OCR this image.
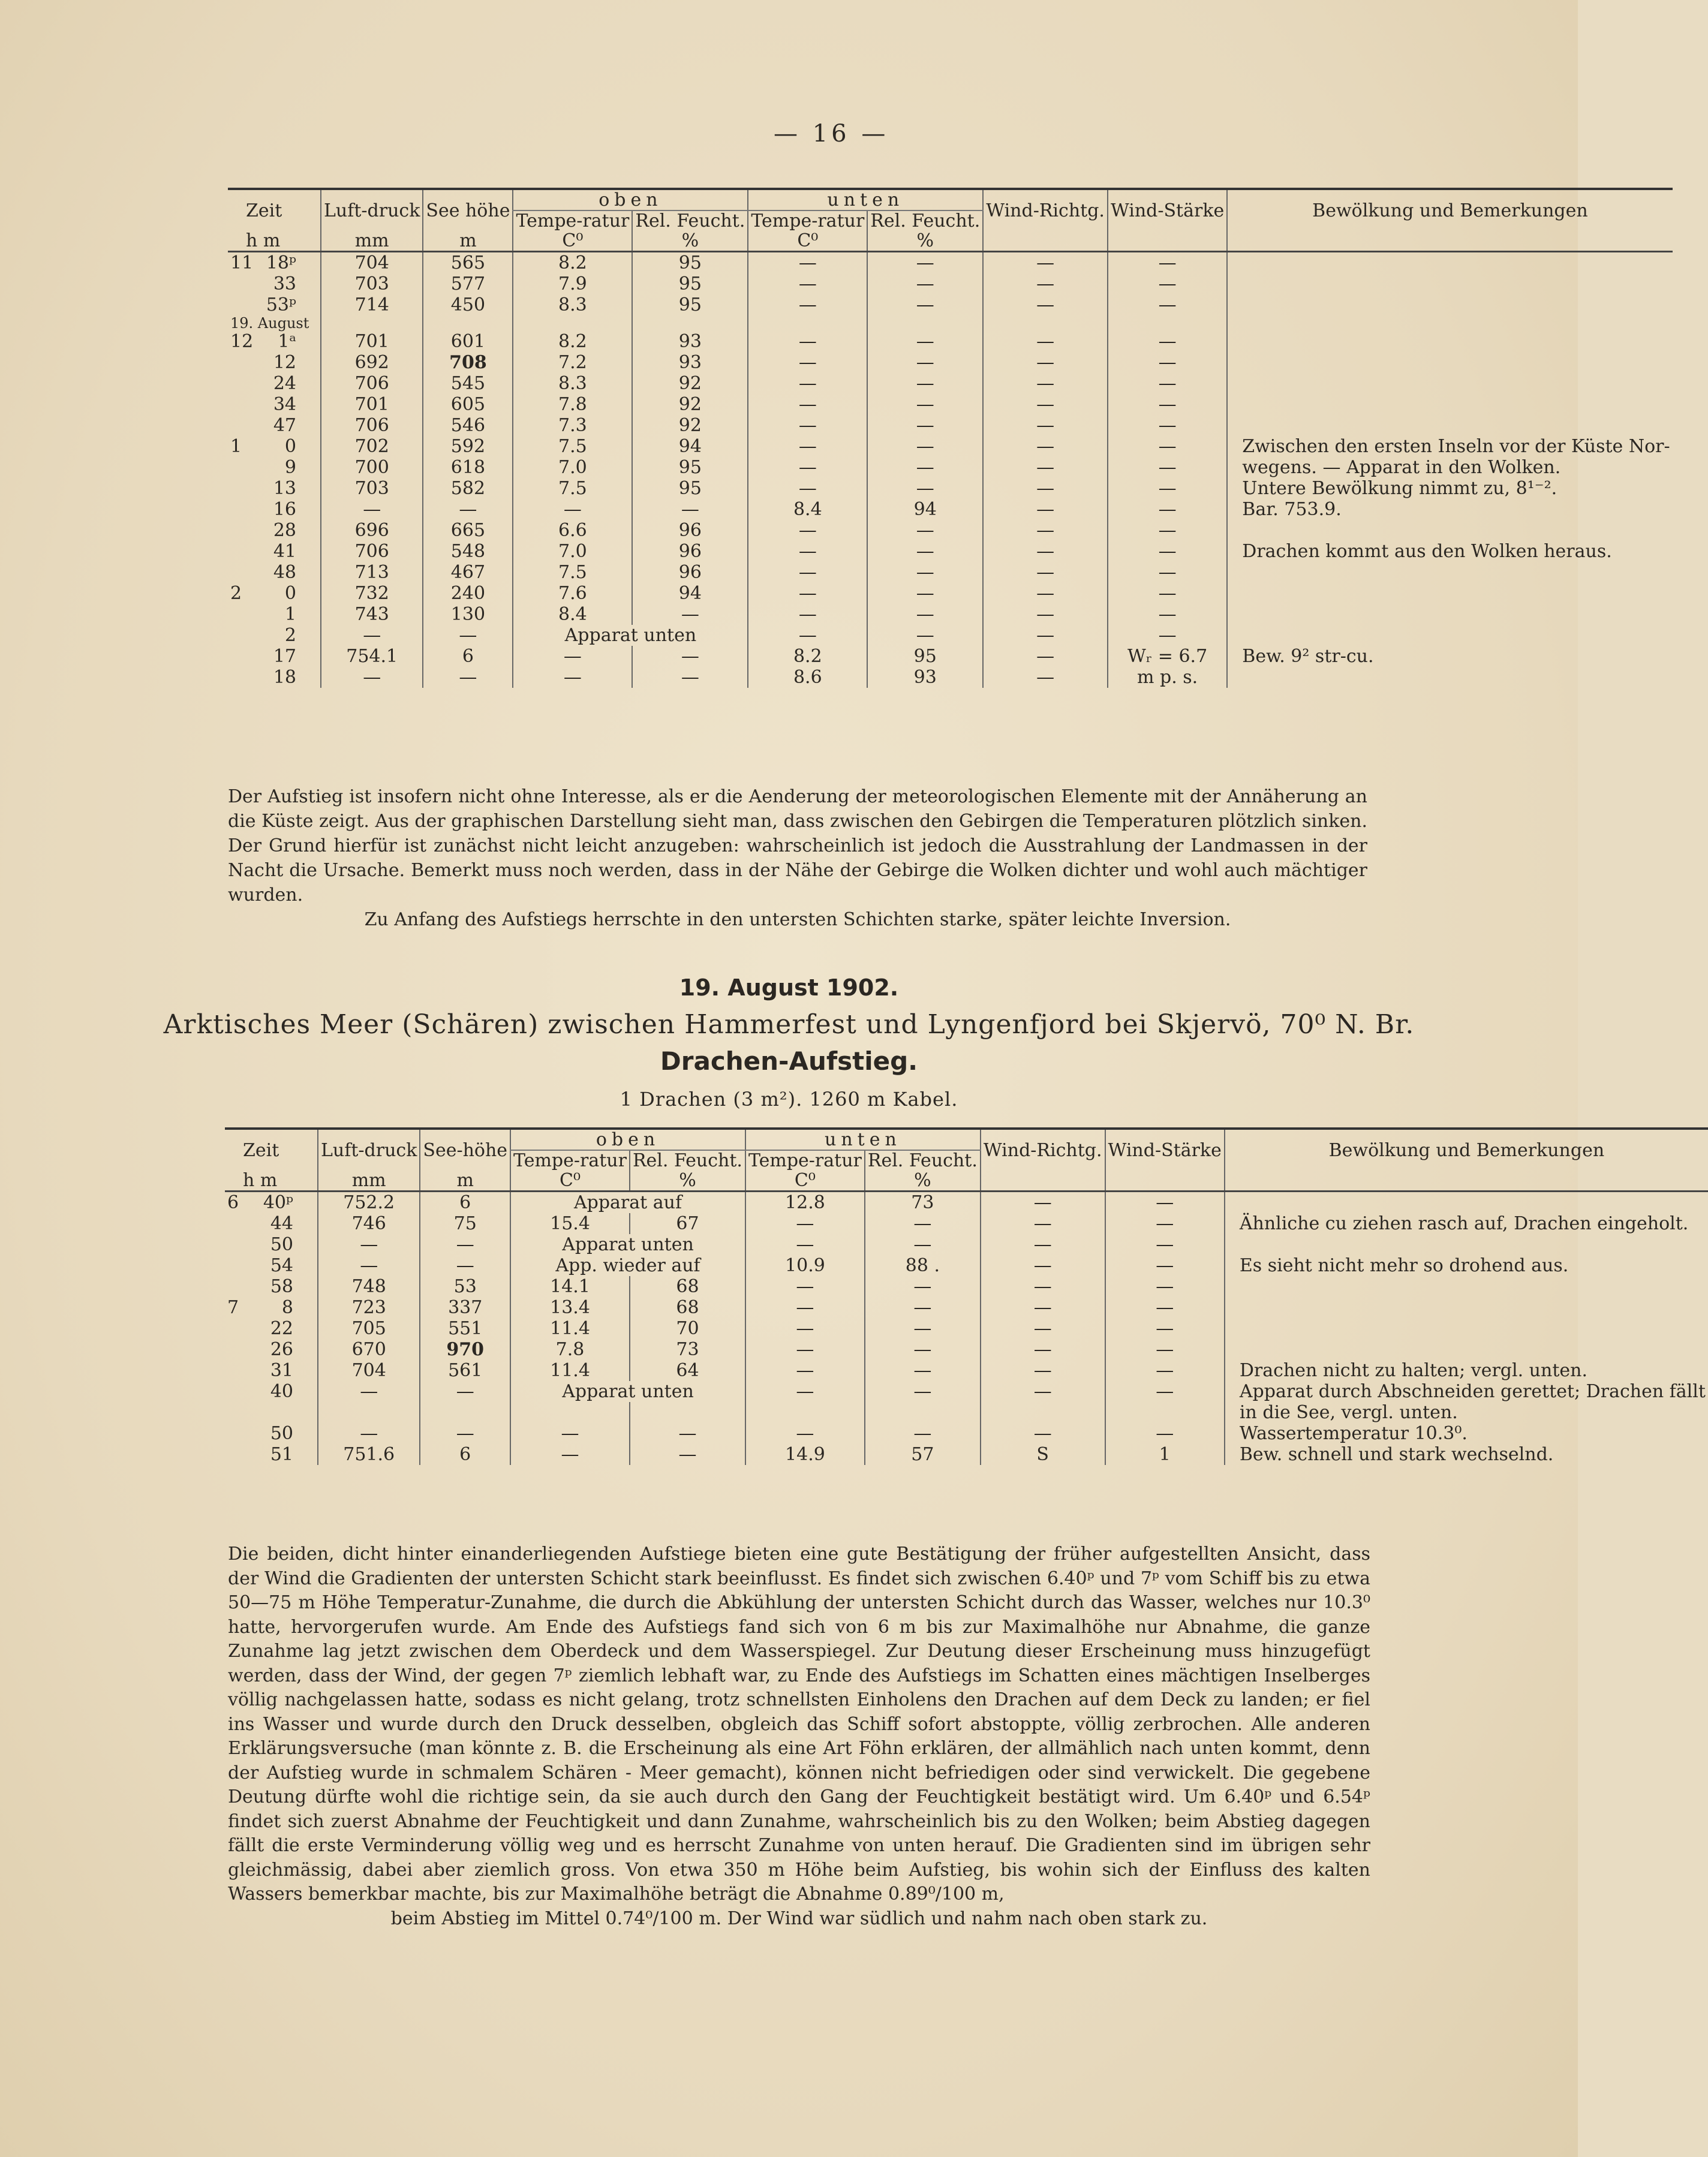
— 16 —
Zeit	Luft-druck	See höhe	oben		unten		Wind-Richtg.	Wind-Stärke	Bewölkung und Bemerkungen
			Tempe-ratur	Rel. Feucht.	Tempe-ratur	Rel. Feucht.			
h m	mm	m	C⁰	%	C⁰	%			
11 18ᵖ	704	565	8.2	95	—	—	—	—	
33	703	577	7.9	95	—	—	—	—	
53ᵖ	714	450	8.3	95	—	—	—	—	
19. August									
12 1ᵃ	701	601	8.2	93	—	—	—	—	
12	692	708	7.2	93	—	—	—	—	
24	706	545	8.3	92	—	—	—	—	
34	701	605	7.8	92	—	—	—	—	
47	706	546	7.3	92	—	—	—	—	
1 0	702	592	7.5	94	—	—	—	—	Zwischen den ersten Inseln vor der Küste Nor-
9	700	618	7.0	95	—	—	—	—	wegens. — Apparat in den Wolken.
13	703	582	7.5	95	—	—	—	—	Untere Bewölkung nimmt zu, 8¹⁻².
16	—	—	—	—	8.4	94	—	—	Bar. 753.9.
28	696	665	6.6	96	—	—	—	—	
41	706	548	7.0	96	—	—	—	—	Drachen kommt aus den Wolken heraus.
48	713	467	7.5	96	—	—	—	—	
2 0	732	240	7.6	94	—	—	—	—	
1	743	130	8.4	—	—	—	—	—	
2	—	—	Apparat unten		—	—	—	—	
17	754.1	6	—	—	8.2	95	—	Wᵣ = 6.7	Bew. 9² str-cu.
18	—	—	—	—	8.6	93	—	m p. s.	

Der Aufstieg ist insofern nicht ohne Interesse, als er die Aenderung der meteorologischen Elemente mit der Annäherung an die Küste zeigt. Aus der graphischen Darstellung sieht man, dass zwischen den Gebirgen die Temperaturen plötzlich sinken. Der Grund hierfür ist zunächst nicht leicht anzugeben: wahrscheinlich ist jedoch die Ausstrahlung der Landmassen in der Nacht die Ursache. Bemerkt muss noch werden, dass in der Nähe der Gebirge die Wolken dichter und wohl auch mächtiger wurden.

Zu Anfang des Aufstiegs herrschte in den untersten Schichten starke, später leichte Inversion.

19. August 1902.
Arktisches Meer (Schären) zwischen Hammerfest und Lyngenfjord bei Skjervö, 70⁰ N. Br.
Drachen-Aufstieg.
1 Drachen (3 m²). 1260 m Kabel.
Zeit	Luft-druck	See-höhe	oben		unten		Wind-Richtg.	Wind-Stärke	Bewölkung und Bemerkungen
			Tempe-ratur	Rel. Feucht.	Tempe-ratur	Rel. Feucht.			
h m	mm	m	C⁰	%	C⁰	%			
6 40ᵖ	752.2	6	Apparat auf		12.8	73	—	—	
44	746	75	15.4	67	—	—	—	—	Ähnliche cu ziehen rasch auf, Drachen eingeholt.
50	—	—	Apparat unten		—	—	—	—	
54	—	—	App. wieder auf		10.9	88 .	—	—	Es sieht nicht mehr so drohend aus.
58	748	53	14.1	68	—	—	—	—	
7 8	723	337	13.4	68	—	—	—	—	
22	705	551	11.4	70	—	—	—	—	
26	670	970	7.8	73	—	—	—	—	
31	704	561	11.4	64	—	—	—	—	Drachen nicht zu halten; vergl. unten.
40	—	—	Apparat unten		—	—	—	—	Apparat durch Abschneiden gerettet; Drachen fällt
									in die See, vergl. unten.
50	—	—	—	—	—	—	—	—	Wassertemperatur 10.3⁰.
51	751.6	6	—	—	14.9	57	S	1	Bew. schnell und stark wechselnd.

Die beiden, dicht hinter einanderliegenden Aufstiege bieten eine gute Bestätigung der früher aufgestellten Ansicht, dass der Wind die Gradienten der untersten Schicht stark beeinflusst. Es findet sich zwischen 6.40ᵖ und 7ᵖ vom Schiff bis zu etwa 50—75 m Höhe Temperatur-Zunahme, die durch die Abkühlung der untersten Schicht durch das Wasser, welches nur 10.3⁰ hatte, hervorgerufen wurde. Am Ende des Aufstiegs fand sich von 6 m bis zur Maximalhöhe nur Abnahme, die ganze Zunahme lag jetzt zwischen dem Oberdeck und dem Wasserspiegel. Zur Deutung dieser Erscheinung muss hinzugefügt werden, dass der Wind, der gegen 7ᵖ ziemlich lebhaft war, zu Ende des Aufstiegs im Schatten eines mächtigen Inselberges völlig nachgelassen hatte, sodass es nicht gelang, trotz schnellsten Einholens den Drachen auf dem Deck zu landen; er fiel ins Wasser und wurde durch den Druck desselben, obgleich das Schiff sofort abstoppte, völlig zerbrochen. Alle anderen Erklärungsversuche (man könnte z. B. die Erscheinung als eine Art Föhn erklären, der allmählich nach unten kommt, denn der Aufstieg wurde in schmalem Schären - Meer gemacht), können nicht befriedigen oder sind verwickelt. Die gegebene Deutung dürfte wohl die richtige sein, da sie auch durch den Gang der Feuchtigkeit bestätigt wird. Um 6.40ᵖ und 6.54ᵖ findet sich zuerst Abnahme der Feuchtigkeit und dann Zunahme, wahrscheinlich bis zu den Wolken; beim Abstieg dagegen fällt die erste Verminderung völlig weg und es herrscht Zunahme von unten herauf. Die Gradienten sind im übrigen sehr gleichmässig, dabei aber ziemlich gross. Von etwa 350 m Höhe beim Aufstieg, bis wohin sich der Einfluss des kalten Wassers bemerkbar machte, bis zur Maximalhöhe beträgt die Abnahme 0.89⁰/100 m,

beim Abstieg im Mittel 0.74⁰/100 m. Der Wind war südlich und nahm nach oben stark zu.
